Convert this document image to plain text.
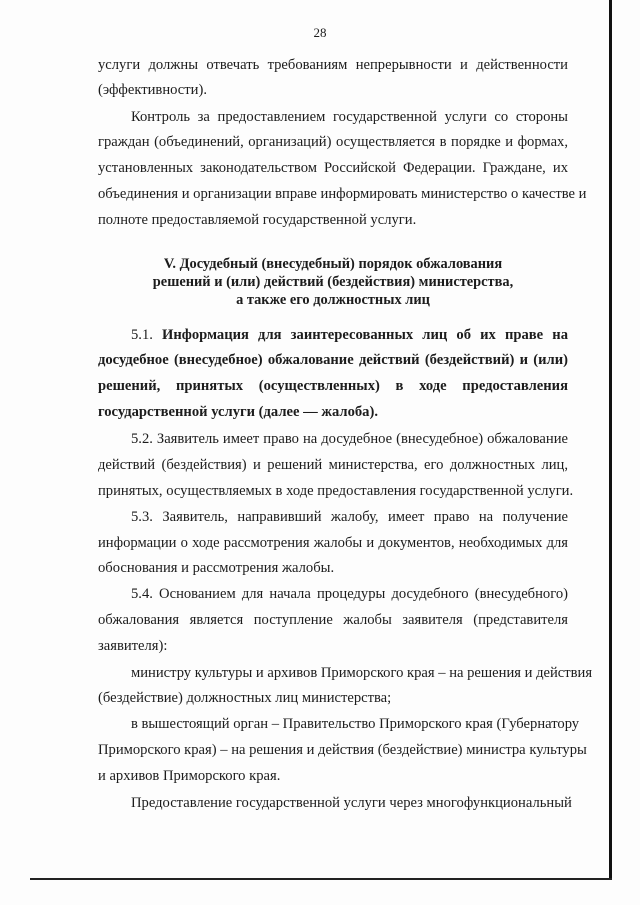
28
услуги должны отвечать требованиям непрерывности и действенности
(эффективности).
Контроль за предоставлением государственной услуги со стороны
граждан (объединений, организаций) осуществляется в порядке и формах,
установленных законодательством Российской Федерации. Граждане, их
объединения и организации вправе информировать министерство о качестве и
полноте предоставляемой государственной услуги.
V. Досудебный (внесудебный) порядок обжалования
решений и (или) действий (бездействия) министерства,
а также его должностных лиц
5.1. Информация для заинтересованных лиц об их праве на
досудебное (внесудебное) обжалование действий (бездействий) и (или)
решений, принятых (осуществленных) в ходе предоставления
государственной услуги (далее — жалоба).
5.2. Заявитель имеет право на досудебное (внесудебное) обжалование
действий (бездействия) и решений министерства, его должностных лиц,
принятых, осуществляемых в ходе предоставления государственной услуги.
5.3. Заявитель, направивший жалобу, имеет право на получение
информации о ходе рассмотрения жалобы и документов, необходимых для
обоснования и рассмотрения жалобы.
5.4. Основанием для начала процедуры досудебного (внесудебного)
обжалования является поступление жалобы заявителя (представителя
заявителя):
министру культуры и архивов Приморского края – на решения и действия
(бездействие) должностных лиц министерства;
в вышестоящий орган – Правительство Приморского края (Губернатору
Приморского края) – на решения и действия (бездействие) министра культуры
и архивов Приморского края.
Предоставление государственной услуги через многофункциональный
